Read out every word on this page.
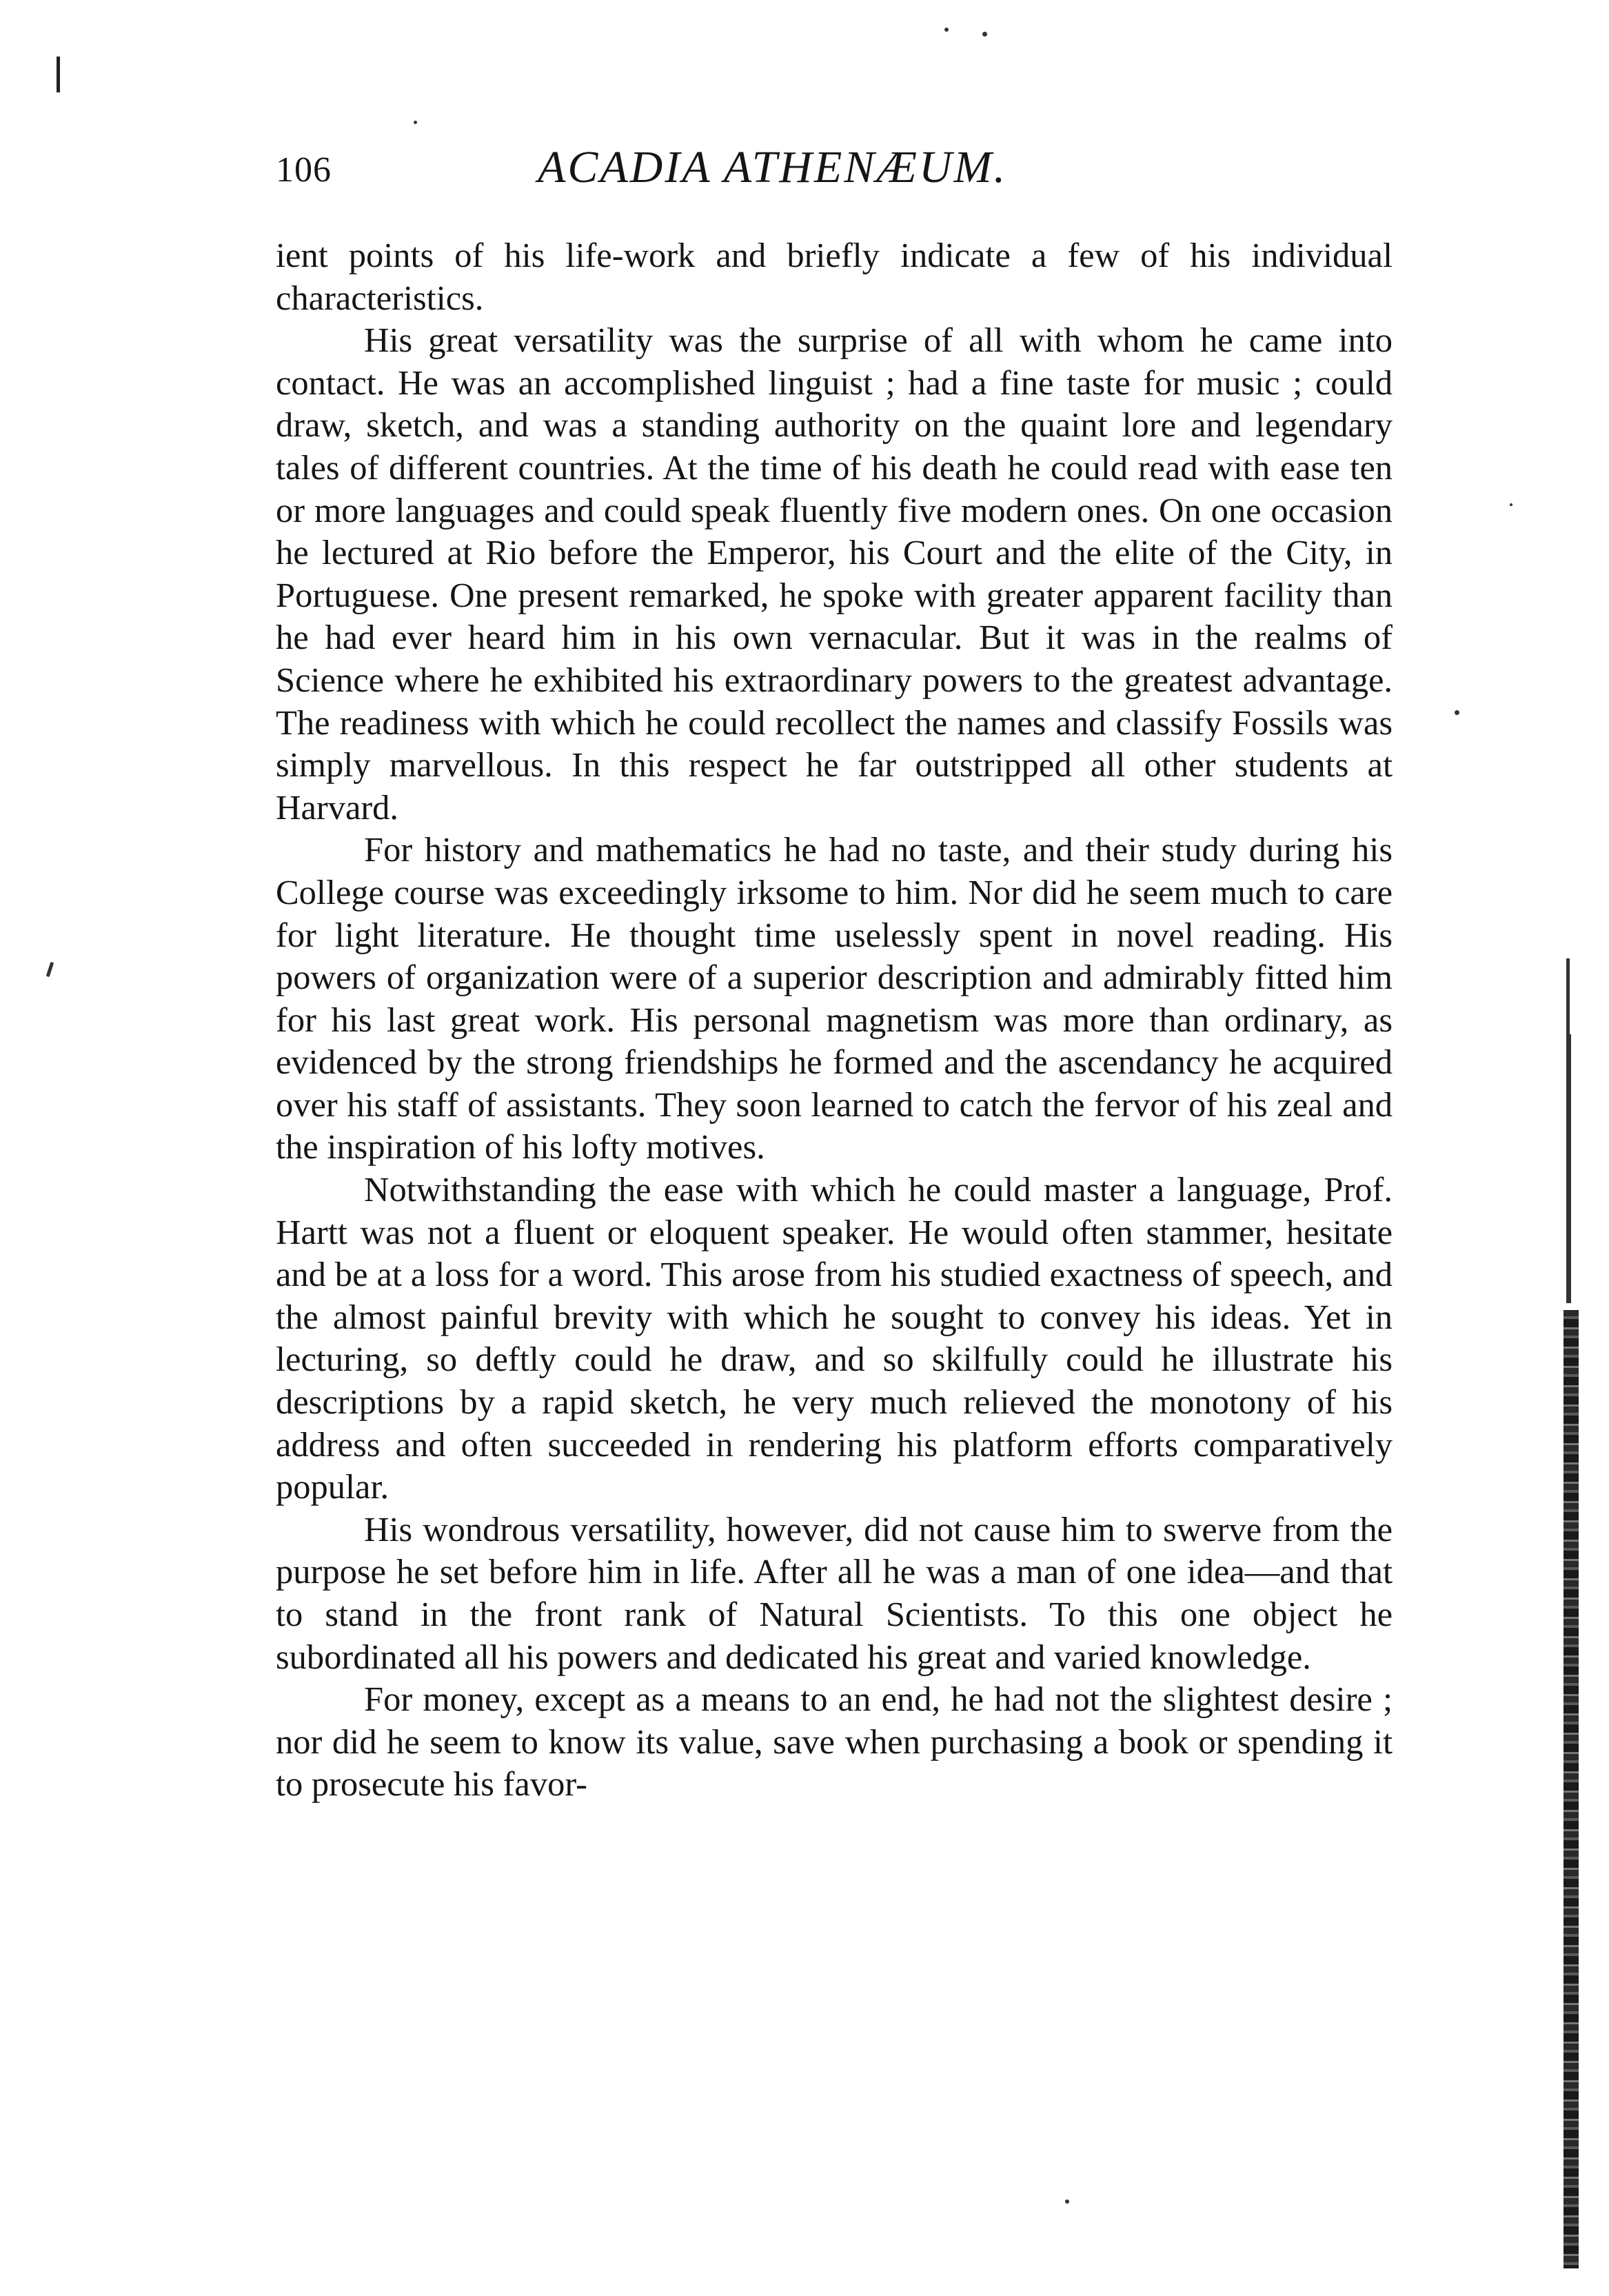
106	ACADIA ATHENÆUM.

ient points of his life-work and briefly indicate a few of his individual characteristics.

His great versatility was the surprise of all with whom he came into contact. He was an accomplished linguist ; had a fine taste for music ; could draw, sketch, and was a standing authority on the quaint lore and legendary tales of different countries. At the time of his death he could read with ease ten or more languages and could speak fluently five modern ones. On one occasion he lectured at Rio before the Emperor, his Court and the elite of the City, in Portuguese. One present remarked, he spoke with greater apparent facility than he had ever heard him in his own vernacular. But it was in the realms of Science where he exhibited his extraordinary powers to the greatest advantage. The readiness with which he could recollect the names and classify Fossils was simply marvellous. In this respect he far outstripped all other students at Harvard.

For history and mathematics he had no taste, and their study during his College course was exceedingly irksome to him. Nor did he seem much to care for light literature. He thought time uselessly spent in novel reading. His powers of organization were of a superior description and admirably fitted him for his last great work. His personal magnetism was more than ordinary, as evidenced by the strong friendships he formed and the ascendancy he acquired over his staff of assistants. They soon learned to catch the fervor of his zeal and the inspiration of his lofty motives.

Notwithstanding the ease with which he could master a language, Prof. Hartt was not a fluent or eloquent speaker. He would often stammer, hesitate and be at a loss for a word. This arose from his studied exactness of speech, and the almost painful brevity with which he sought to convey his ideas. Yet in lecturing, so deftly could he draw, and so skilfully could he illustrate his descriptions by a rapid sketch, he very much relieved the monotony of his address and often succeeded in rendering his platform efforts comparatively popular.

His wondrous versatility, however, did not cause him to swerve from the purpose he set before him in life. After all he was a man of one idea—and that to stand in the front rank of Natural Scientists. To this one object he subordinated all his powers and dedicated his great and varied knowledge.

For money, except as a means to an end, he had not the slightest desire ; nor did he seem to know its value, save when purchasing a book or spending it to prosecute his favor-
